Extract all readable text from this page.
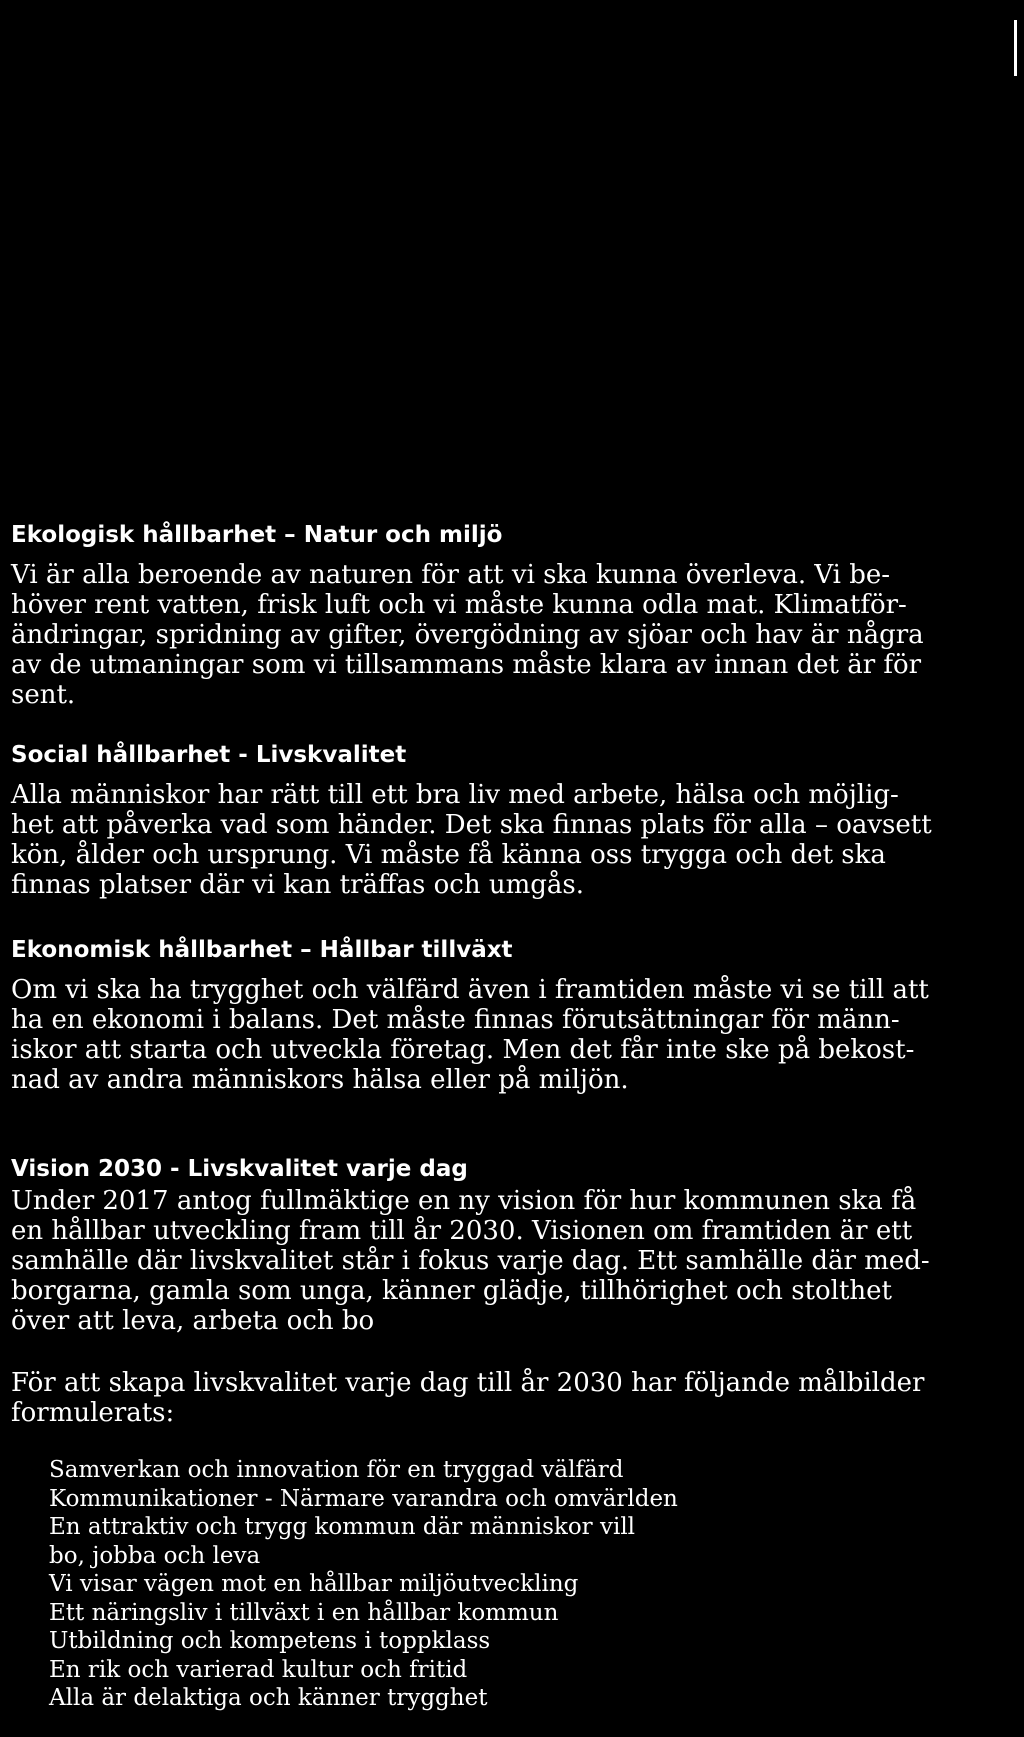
Ekologisk hållbarhet – Natur och miljö
Vi är alla beroende av naturen för att vi ska kunna överleva. Vi be-
höver rent vatten, frisk luft och vi måste kunna odla mat. Klimatför-
ändringar, spridning av gifter, övergödning av sjöar och hav är några
av de utmaningar som vi tillsammans måste klara av innan det är för
sent.
Social hållbarhet - Livskvalitet
Alla människor har rätt till ett bra liv med arbete, hälsa och möjlig-
het att påverka vad som händer. Det ska finnas plats för alla – oavsett
kön, ålder och ursprung. Vi måste få känna oss trygga och det ska
finnas platser där vi kan träffas och umgås.
Ekonomisk hållbarhet – Hållbar tillväxt
Om vi ska ha trygghet och välfärd även i framtiden måste vi se till att
ha en ekonomi i balans. Det måste finnas förutsättningar för männ-
iskor att starta och utveckla företag. Men det får inte ske på bekost-
nad av andra människors hälsa eller på miljön.
Vision 2030 - Livskvalitet varje dag
Under 2017 antog fullmäktige en ny vision för hur kommunen ska få
en hållbar utveckling fram till år 2030. Visionen om framtiden är ett
samhälle där livskvalitet står i fokus varje dag. Ett samhälle där med-
borgarna, gamla som unga, känner glädje, tillhörighet och stolthet
över att leva, arbeta och bo
För att skapa livskvalitet varje dag till år 2030 har följande målbilder
formulerats:
Samverkan och innovation för en tryggad välfärd
Kommunikationer - Närmare varandra och omvärlden
En attraktiv och trygg kommun där människor vill
bo, jobba och leva
Vi visar vägen mot en hållbar miljöutveckling
Ett näringsliv i tillväxt i en hållbar kommun
Utbildning och kompetens i toppklass
En rik och varierad kultur och fritid
Alla är delaktiga och känner trygghet
